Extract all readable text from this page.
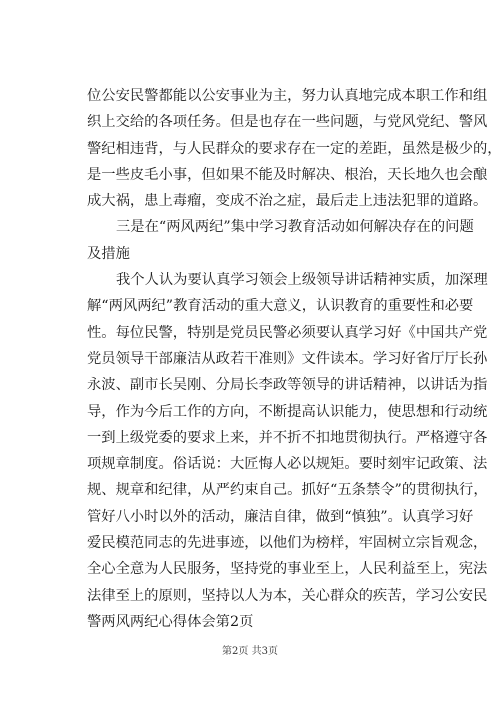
位公安民警都能以公安事业为主，努力认真地完成本职工作和组
织上交给的各项任务。但是也存在一些问题，与党风党纪、警风
警纪相违背，与人民群众的要求存在一定的差距，虽然是极少的，
是一些皮毛小事，但如果不能及时解决、根治，天长地久也会酿
成大祸，患上毒瘤，变成不治之症，最后走上违法犯罪的道路。
三是在“两风两纪”集中学习教育活动如何解决存在的问题
及措施
我个人认为要认真学习领会上级领导讲话精神实质，加深理
解“两风两纪”教育活动的重大意义，认识教育的重要性和必要
性。每位民警，特别是党员民警必须要认真学习好《中国共产党
党员领导干部廉洁从政若干准则》文件读本。学习好省厅厅长孙
永波、副市长吴刚、分局长李政等领导的讲话精神，以讲话为指
导，作为今后工作的方向，不断提高认识能力，使思想和行动统
一到上级党委的要求上来，并不折不扣地贯彻执行。严格遵守各
项规章制度。俗话说：大匠悔人必以规矩。要时刻牢记政策、法
规、规章和纪律，从严约束自己。抓好“五条禁令”的贯彻执行，
管好八小时以外的活动，廉洁自律，做到“慎独”。认真学习好
爱民模范同志的先进事迹，以他们为榜样，牢固树立宗旨观念，
全心全意为人民服务，坚持党的事业至上，人民利益至上，宪法
法律至上的原则，坚持以人为本，关心群众的疾苦，学习公安民
警两风两纪心得体会第2页
第2页 共3页
